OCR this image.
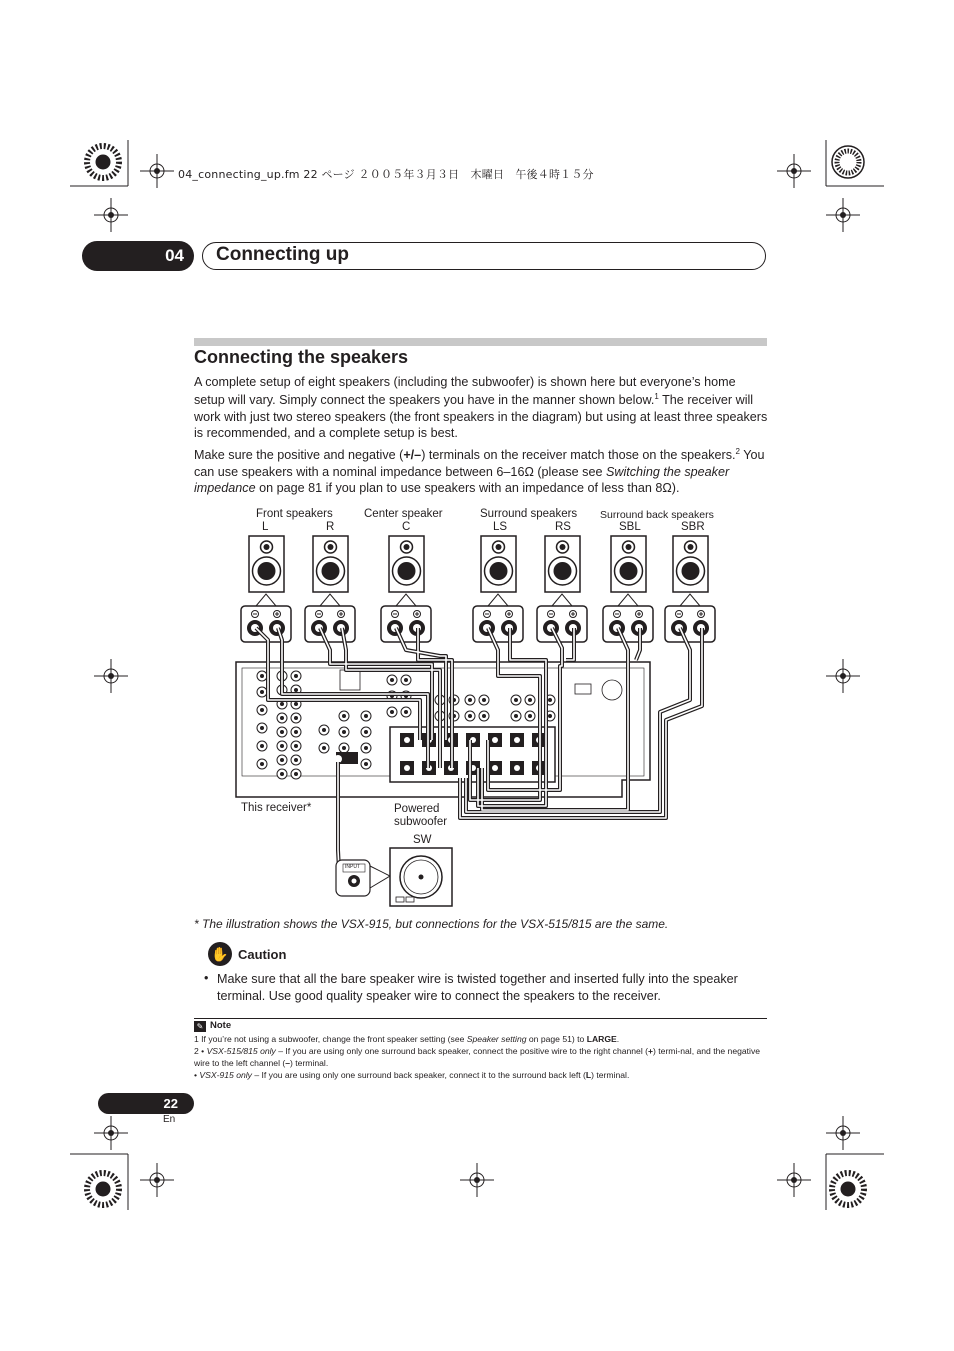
04_connecting_up.fm 22 ページ ２００５年３月３日　木曜日　午後４時１５分
04	Connecting up
Connecting the speakers
A complete setup of eight speakers (including the subwoofer) is shown here but everyone’s home
setup will vary. Simply connect the speakers you have in the manner shown below.$^1$ The receiver will work with just two stereo speakers (the front speakers in the diagram) but using at least three speakers is recommended, and a complete setup is best.
Make sure the positive and negative (+/–) terminals on the receiver match those on the speakers.$^2$ You can use speakers with a nominal impedance between 6–16Ω (please see Switching the speaker impedance on page 81 if you plan to use speakers with an impedance of less than 8Ω).
Front speakers
L	R
Center speaker
C
Surround speakers
LS	RS
Surround back speakers
SBL	SBR
This receiver*	Powered
subwoofer
SW
INPUT
* The illustration shows the VSX-915, but connections for the VSX-515/815 are the same.
✋ Caution
• Make sure that all the bare speaker wire is twisted together and inserted fully into the speaker terminal. Use good quality speaker wire to connect the speakers to the receiver.
✎ Note
1 If you’re not using a subwoofer, change the front speaker setting (see Speaker setting on page 51) to LARGE.
2 • VSX-515/815 only – If you are using only one surround back speaker, connect the positive wire to the right channel (+) termi-nal, and the negative wire to the left channel (–) terminal.
• VSX-915 only – If you are using only one surround back speaker, connect it to the surround back left (L) terminal.
22
En
